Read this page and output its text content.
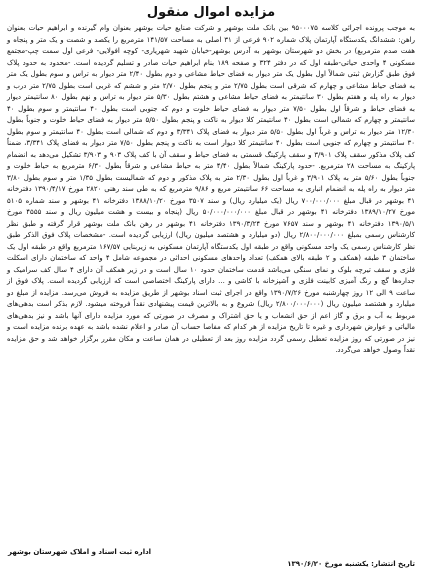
مزایده اموال منقول

به موجب پرونده اجرائی کلاسه ۹۵۰۰۰۷۵ بین بانک ملت بوشهر و شرکت صنایع حیات بوشهر بعنوان وام گیرنده و ابراهیم حیات بعنوان راهن: ششدانگ یکدستگاه آپارتمان پلاک شماره ۹۰۲ فرعی از ۳۱ اصلی به مساحت ۱۴۱/۵۷ مترمربع را یکصد و شصت و یک متر و پنجاه و هفت صدم مترمربع) در بخش دو شهرستان بوشهر به آدرس بوشهر-خیابان شهید شهریاری- کوچه افولایی- فرعی اول سمت چپ-مجتمع مسکونی ۴ واحدی حیاتی-طبقه اول که در دفتر ۳۲۴ و صفحه ۱۸۹ بنام ابراهیم حیات صادر و تسلیم گردیده است. -محدود به حدود پلاک فوق طبق گزارش ثبتی شمالاً اول بطول یک متر دیوار به فضای حیاط مشاعی و دوم بطول ۲/۴۰ متر دیوار به تراس و سوم بطول یک متر به فضای حیاط مشاعی و چهارم که شرقی است بطول ۲/۷۵ متر و پنجم بطول ۲/۷۰ متر و ششم که غربی است بطول ۲/۷۵ متر درب و دیوار به راه پله و هفتم بطول ۳۰ سانتیمتر به فضای حیاط مشاعی و هشتم بطول ۵/۳۰ متر دیوار به تراس و نهم بطول ۸۰ سانتیمتر دیوار به فضای حیاط و شرقاً اول بطول ۷/۵۰ متر دیوار به فضای حیاط خلوت و دوم که جنوبی است بطول ۴۰ سانتیمتر و سوم بطول ۴۰ سانتیمتر و چهارم که شمالی است بطول ۴۰ سانتیمتر کلا دیوار به ناکت و پنجم بطول ۵/۵۰ متر دیوار به فضای حیاط خلوت و جنوباً بطول ۱۲/۳۰ متر دیوار به تراس و غرباً اول بطول ۵/۵۰ متر دیوار به فضای پلاک ۳/۳۴۱ و دوم که شمالی است بطول ۴۰ سانتیمتر و سوم بطول ۳۰ سانتیمتر و چهارم که جنوبی است بطول ۴۰ سانتیمتر کلا دیوار است به ناکت و پنجم بطول ۷/۵۰ متر دیوار به فضای پلاک ۳/۳۴۱، ضمناً کف پلاک مذکور سقف پلاک ۳/۹۰۱ و سقف پارکینگ قسمتی به فضای حیاط و سقف آن با کف پلاک ۹۰۳ و ۳/۹۰۳ تشکیل می‌دهد به انضمام پارکینگ به مساحت ۲۸ مترمربع. -حدود پارکینگ شمالاً بطول ۴/۴۰ متر به حیاط مشاعی و شرقاً بطول ۶/۳۰ مترمربع به حیاط خلوت و جنوباً بطول ۵/۶۰ متر به پلاک ۳/۹۰۱ و غرباً اول بطول ۲/۳۰ متر به پلاک مذکور و دوم که شمالیست بطول ۱/۳۵ متر و سوم بطول ۳/۸۰ متر دیوار به راه پله به انضمام انباری به مساحت ۶۶ سانتیمتر مربع و ۹/۸۶ مترمربع که به طی سند رهنی ۲۸۲۰ مورخ ۱۳۹۰/۴/۱۷ دفترخانه ۴۱ بوشهر در قبال مبلغ ۷۰۰/۰۰۰/۰۰۰ ریال (یک میلیارد ریال) و سند ۳۵۰۷ مورخ ۱۳۸۸/۱۰/۲۰ دفترخانه ۴۱ بوشهر و سند شماره ۵۱۰۵ مورخ ۱۳۸۹/۱۰/۲۷ دفترخانه ۴۱ بوشهر در قبال مبلغ ۵۰/۰۰۰/۰۰۰/۰۰۰ ریال (پنجاه و بیست و هشت میلیون ریال و سند ۴۵۵۵ مورخ ۱۳۹۰/۵/۱ دفترخانه ۴۱ بوشهر و سند ۷۶۵۷ مورخ ۱۳۹۰/۳/۲۴ دفترخانه ۴۱ بوشهر در رهن بانک ملت بوشهر قرار گرفته و طبق نظر کارشناس رسمی بمبلغ ۲/۸۰۰/۰۰۰/۰۰۰ ریال (دو میلیارد و هشتصد میلیون ریال) ارزیابی گردیده است. -مشخصات پلاک فوق الذکر طبق نظر کارشناس رسمی یک واحد مسکونی واقع در طبقه اول یکدستگاه آپارتمان مسکونی به زیربنایی ۱۶۷/۵۷ مترمربع واقع در طبقه اول یک ساختمان ۳ طبقه (همکف و ۲ طبقه بالای همکف) تعداد واحدهای مسکونی احداثی در مجموعه شامل ۴ واحد که ساختمان دارای اسکلت فلزی و سقف تیرچه بلوک و نمای سنگی می‌باشد قدمت ساختمان حدود ۱۰ سال است و در زیر همکف آن دارای ۴ سال کف سرامیک و جداره‌ها گچ و رنگ آمیزی کابینت فلزی و آشپزخانه با کاشی و ... دارای پارکینگ اختصاصی است که ارزیابی گردیده است. پلاک فوق از ساعت ۹ الی ۱۲ روز چهارشنبه مورخ ۱۳۹۰/۷/۲۶ واقع در اجرای ثبت اسناد بوشهر از طریق مزایده به فروش می‌رسد. مزایده از مبلغ دو میلیارد و هشتصد میلیون ریال (۲/۸۰۰/۰۰۰/۰۰۰ ریال) شروع و به بالاترین قیمت پیشنهادی نقداً فروخته میشود. لازم بذکر است بدهی‌های مربوط به آب و برق و گاز اعم از حق انشعاب و یا حق اشتراک و مصرف در صورتی که مورد مزایده دارای آنها باشد و نیز بدهی‌های مالیاتی و عوارض شهرداری و غیره تا تاریخ مزایده از هر کدام که مفاصا حساب آن صادر و اعلام نشده باشد به عهده برنده مزایده است و نیز در صورتی که روز مزایده تعطیل رسمی گردد مزایده روز بعد از تعطیلی در همان ساعت و مکان مقرر برگزار خواهد شد و حق مزایده نقداً وصول خواهد می‌گردد.

اداره ثبت اسناد و املاک شهرستان بوشهر
تاریخ انتشار: یکشنبه مورخ ۱۳۹۰/۶/۲۰
